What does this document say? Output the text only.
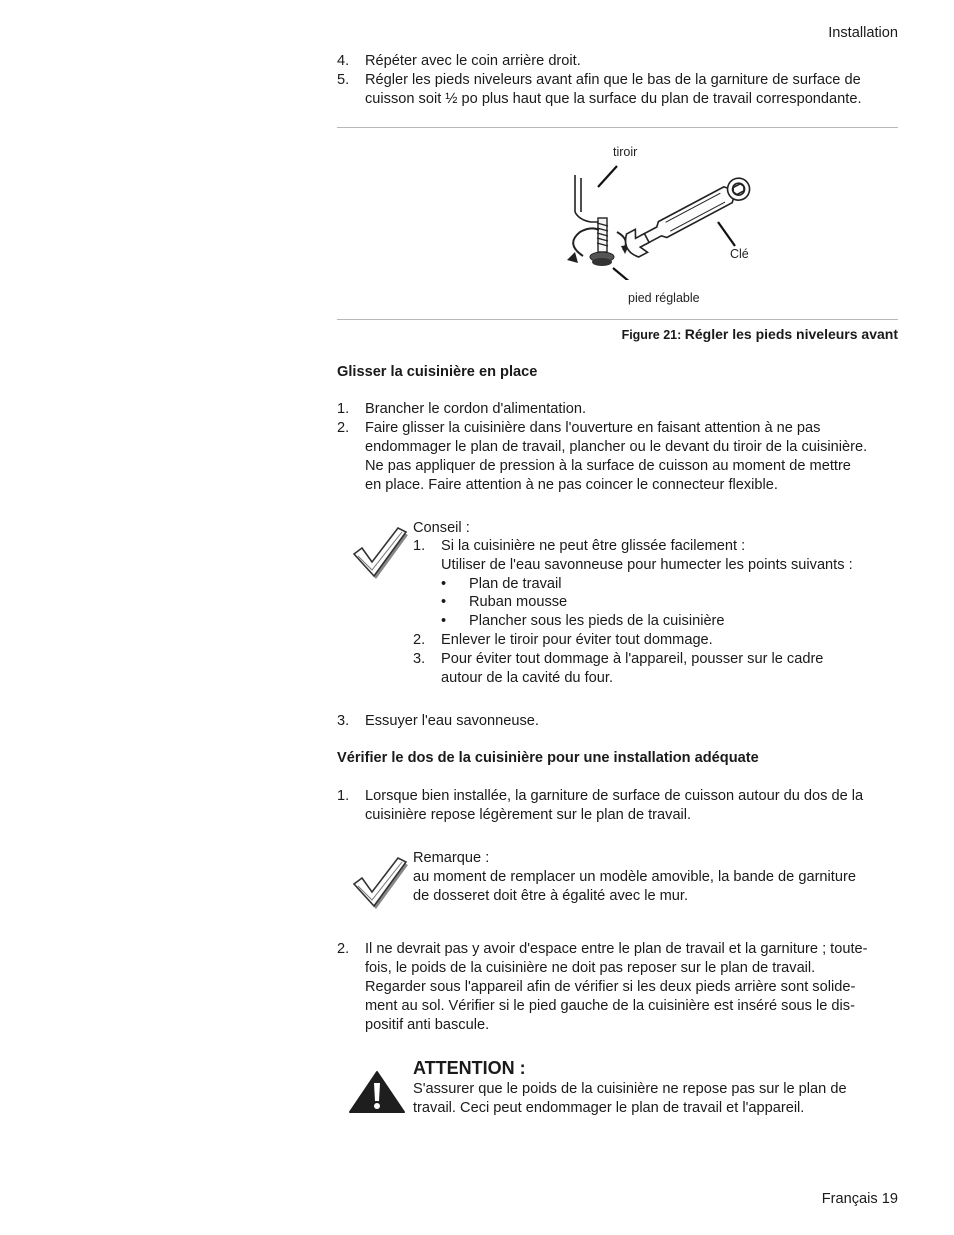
Installation
4. Répéter avec le coin arrière droit.
5. Régler les pieds niveleurs avant afin que le bas de la garniture de surface de
cuisson soit ½ po plus haut que la surface du plan de travail correspondante.
tiroir
Clé
pied réglable
Figure 21: Régler les pieds niveleurs avant
Glisser la cuisinière en place
1. Brancher le cordon d'alimentation.
2. Faire glisser la cuisinière dans l'ouverture en faisant attention à ne pas
endommager le plan de travail, plancher ou le devant du tiroir de la cuisinière.
Ne pas appliquer de pression à la surface de cuisson au moment de mettre
en place. Faire attention à ne pas coincer le connecteur flexible.
Conseil :
1. Si la cuisinière ne peut être glissée facilement :
Utiliser de l'eau savonneuse pour humecter les points suivants :
• Plan de travail
• Ruban mousse
• Plancher sous les pieds de la cuisinière
2. Enlever le tiroir pour éviter tout dommage.
3. Pour éviter tout dommage à l'appareil, pousser sur le cadre
autour de la cavité du four.
3. Essuyer l'eau savonneuse.
Vérifier le dos de la cuisinière pour une installation adéquate
1. Lorsque bien installée, la garniture de surface de cuisson autour du dos de la
cuisinière repose légèrement sur le plan de travail.
Remarque :
au moment de remplacer un modèle amovible, la bande de garniture
de dosseret doit être à égalité avec le mur.
2. Il ne devrait pas y avoir d'espace entre le plan de travail et la garniture ; toute-
fois, le poids de la cuisinière ne doit pas reposer sur le plan de travail.
Regarder sous l'appareil afin de vérifier si les deux pieds arrière sont solide-
ment au sol. Vérifier si le pied gauche de la cuisinière est inséré sous le dis-
positif anti bascule.
ATTENTION :
S'assurer que le poids de la cuisinière ne repose pas sur le plan de
travail. Ceci peut endommager le plan de travail et l'appareil.
Français 19
